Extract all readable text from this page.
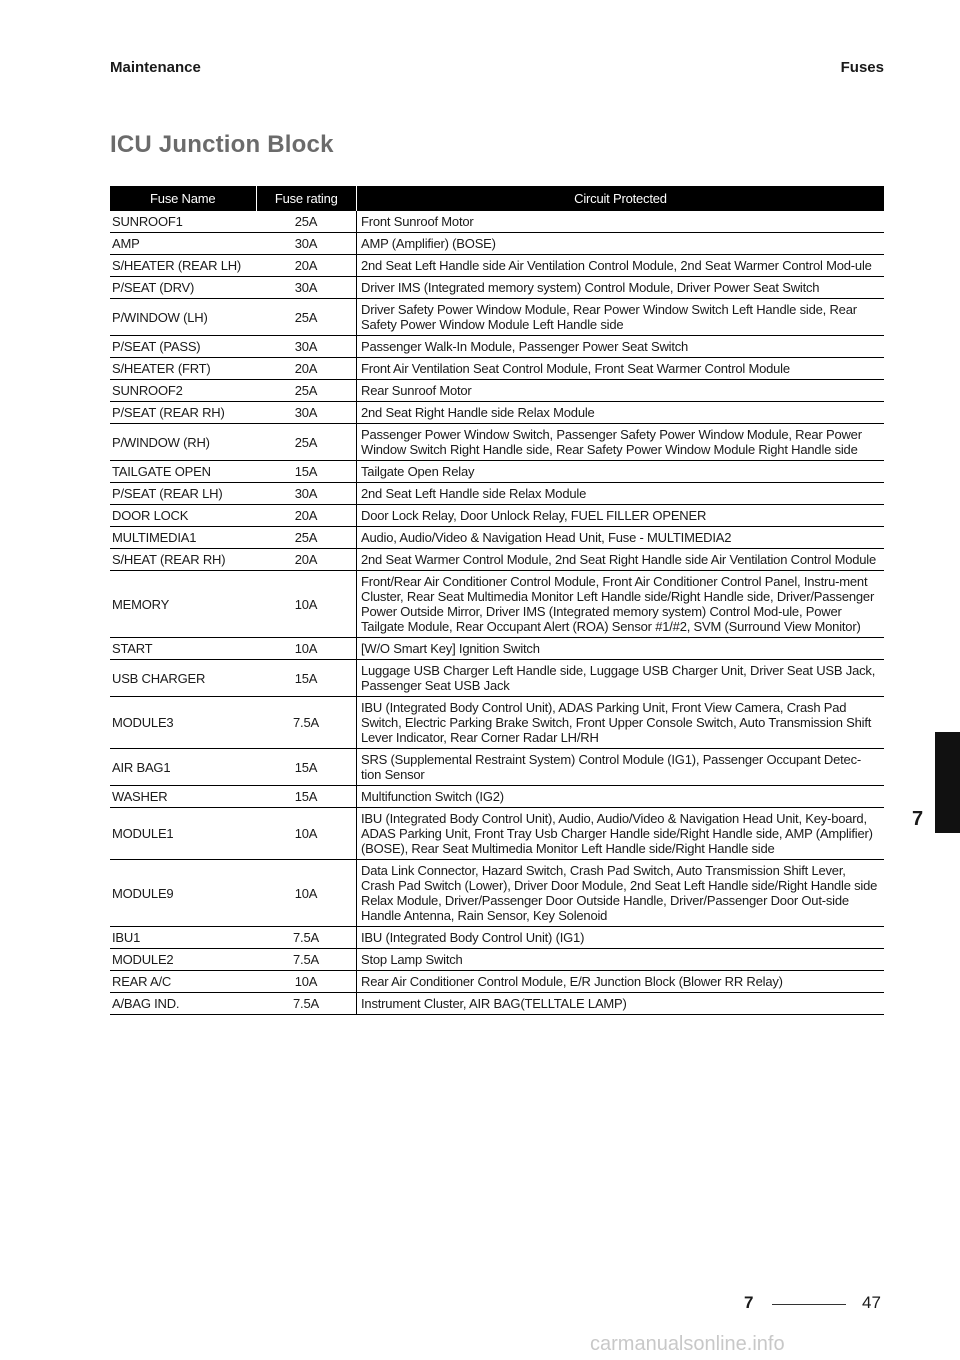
Maintenance	Fuses
ICU Junction Block
Fuse Name	Fuse rating	Circuit Protected
SUNROOF1	25A	Front Sunroof Motor
AMP	30A	AMP (Amplifier) (BOSE)
S/HEATER (REAR LH)	20A	2nd Seat Left Handle side Air Ventilation Control Module, 2nd Seat Warmer Control Mod-ule
P/SEAT (DRV)	30A	Driver IMS (Integrated memory system) Control Module, Driver Power Seat Switch
P/WINDOW (LH)	25A	Driver Safety Power Window Module, Rear Power Window Switch Left Handle side, Rear Safety Power Window Module Left Handle side
P/SEAT (PASS)	30A	Passenger Walk-In Module, Passenger Power Seat Switch
S/HEATER (FRT)	20A	Front Air Ventilation Seat Control Module, Front Seat Warmer Control Module
SUNROOF2	25A	Rear Sunroof Motor
P/SEAT (REAR RH)	30A	2nd Seat Right Handle side Relax Module
P/WINDOW (RH)	25A	Passenger Power Window Switch, Passenger Safety Power Window Module, Rear Power Window Switch Right Handle side, Rear Safety Power Window Module Right Handle side
TAILGATE OPEN	15A	Tailgate Open Relay
P/SEAT (REAR LH)	30A	2nd Seat Left Handle side Relax Module
DOOR LOCK	20A	Door Lock Relay, Door Unlock Relay, FUEL FILLER OPENER
MULTIMEDIA1	25A	Audio, Audio/Video & Navigation Head Unit, Fuse - MULTIMEDIA2
S/HEAT (REAR RH)	20A	2nd Seat Warmer Control Module, 2nd Seat Right Handle side Air Ventilation Control Module
MEMORY	10A	Front/Rear Air Conditioner Control Module, Front Air Conditioner Control Panel, Instru-ment Cluster, Rear Seat Multimedia Monitor Left Handle side/Right Handle side, Driver/Passenger Power Outside Mirror, Driver IMS (Integrated memory system) Control Mod-ule, Power Tailgate Module, Rear Occupant Alert (ROA) Sensor #1/#2, SVM (Surround View Monitor)
START	10A	[W/O Smart Key] Ignition Switch
USB CHARGER	15A	Luggage USB Charger Left Handle side, Luggage USB Charger Unit, Driver Seat USB Jack, Passenger Seat USB Jack
MODULE3	7.5A	IBU (Integrated Body Control Unit), ADAS Parking Unit, Front View Camera, Crash Pad Switch, Electric Parking Brake Switch, Front Upper Console Switch, Auto Transmission Shift Lever Indicator, Rear Corner Radar LH/RH
AIR BAG1	15A	SRS (Supplemental Restraint System) Control Module (IG1), Passenger Occupant Detec-tion Sensor
WASHER	15A	Multifunction Switch (IG2)
MODULE1	10A	IBU (Integrated Body Control Unit), Audio, Audio/Video & Navigation Head Unit, Key-board, ADAS Parking Unit, Front Tray Usb Charger Handle side/Right Handle side, AMP (Amplifier) (BOSE), Rear Seat Multimedia Monitor Left Handle side/Right Handle side
MODULE9	10A	Data Link Connector, Hazard Switch, Crash Pad Switch, Auto Transmission Shift Lever, Crash Pad Switch (Lower), Driver Door Module, 2nd Seat Left Handle side/Right Handle side Relax Module, Driver/Passenger Door Outside Handle, Driver/Passenger Door Out-side Handle Antenna, Rain Sensor, Key Solenoid
IBU1	7.5A	IBU (Integrated Body Control Unit) (IG1)
MODULE2	7.5A	Stop Lamp Switch
REAR A/C	10A	Rear Air Conditioner Control Module, E/R Junction Block (Blower RR Relay)
A/BAG IND.	7.5A	Instrument Cluster, AIR BAG(TELLTALE LAMP)
7
7	47
carmanualsonline.info
